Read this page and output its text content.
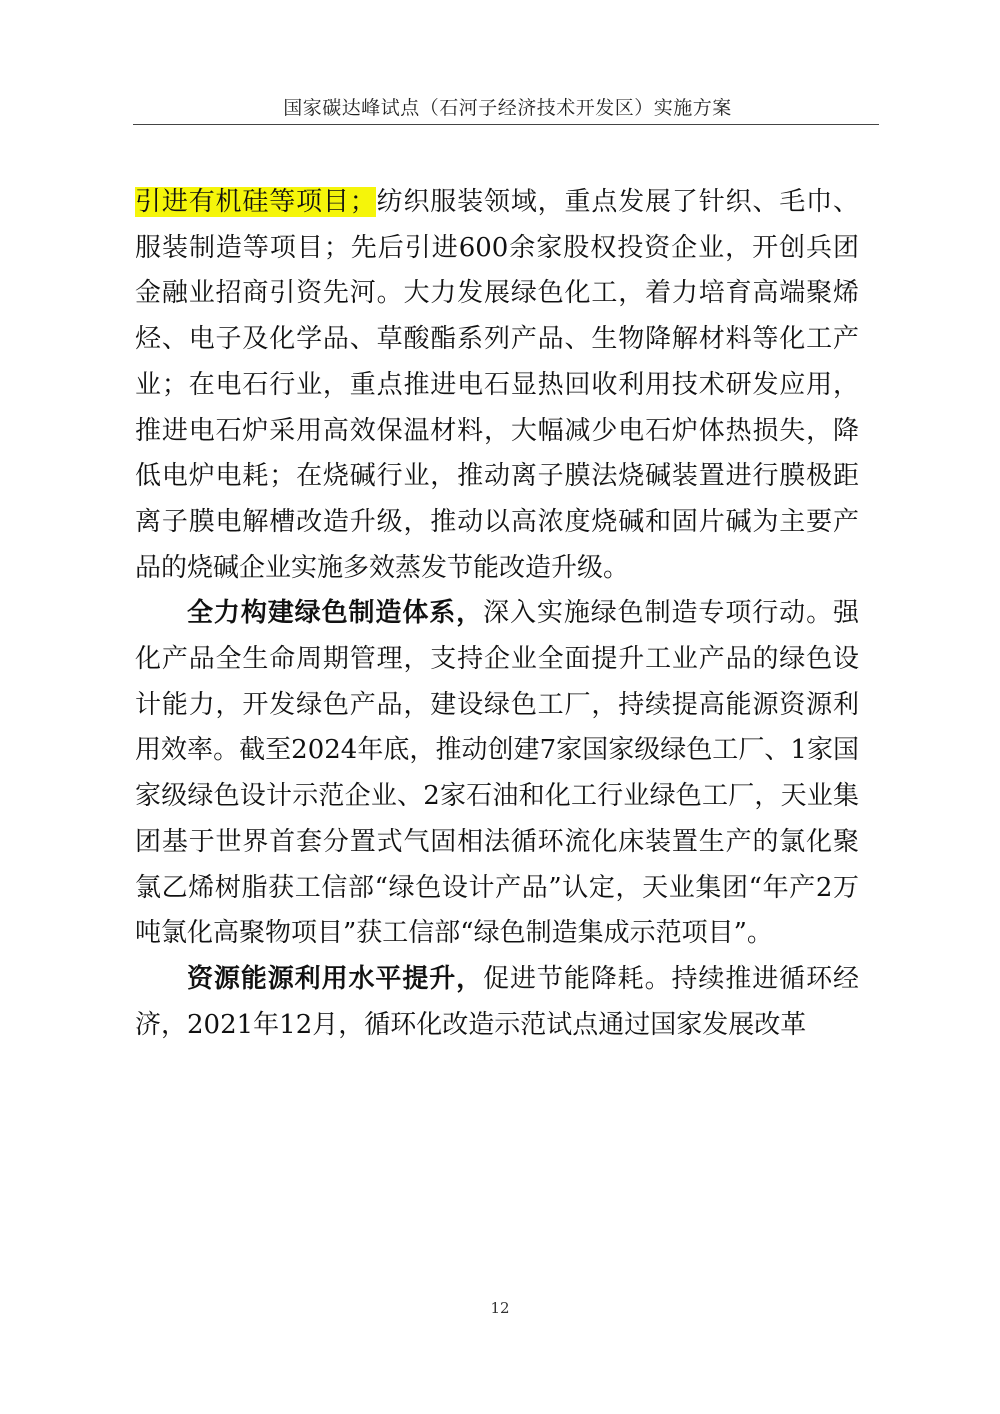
国家碳达峰试点（石河子经济技术开发区）实施方案

引进有机硅等项目；纺织服装领域，重点发展了针织、毛巾、服装制造等项目；先后引进600余家股权投资企业，开创兵团金融业招商引资先河。大力发展绿色化工，着力培育高端聚烯烃、电子及化学品、草酸酯系列产品、生物降解材料等化工产业；在电石行业，重点推进电石显热回收利用技术研发应用，推进电石炉采用高效保温材料，大幅减少电石炉体热损失，降低电炉电耗；在烧碱行业，推动离子膜法烧碱装置进行膜极距离子膜电解槽改造升级，推动以高浓度烧碱和固片碱为主要产品的烧碱企业实施多效蒸发节能改造升级。

全力构建绿色制造体系，深入实施绿色制造专项行动。强化产品全生命周期管理，支持企业全面提升工业产品的绿色设计能力，开发绿色产品，建设绿色工厂，持续提高能源资源利用效率。截至2024年底，推动创建7家国家级绿色工厂、1家国家级绿色设计示范企业、2家石油和化工行业绿色工厂，天业集团基于世界首套分置式气固相法循环流化床装置生产的氯化聚氯乙烯树脂获工信部“绿色设计产品”认定，天业集团“年产2万吨氯化高聚物项目”获工信部“绿色制造集成示范项目”。

资源能源利用水平提升，促进节能降耗。持续推进循环经济，2021年12月，循环化改造示范试点通过国家发展改革

12
